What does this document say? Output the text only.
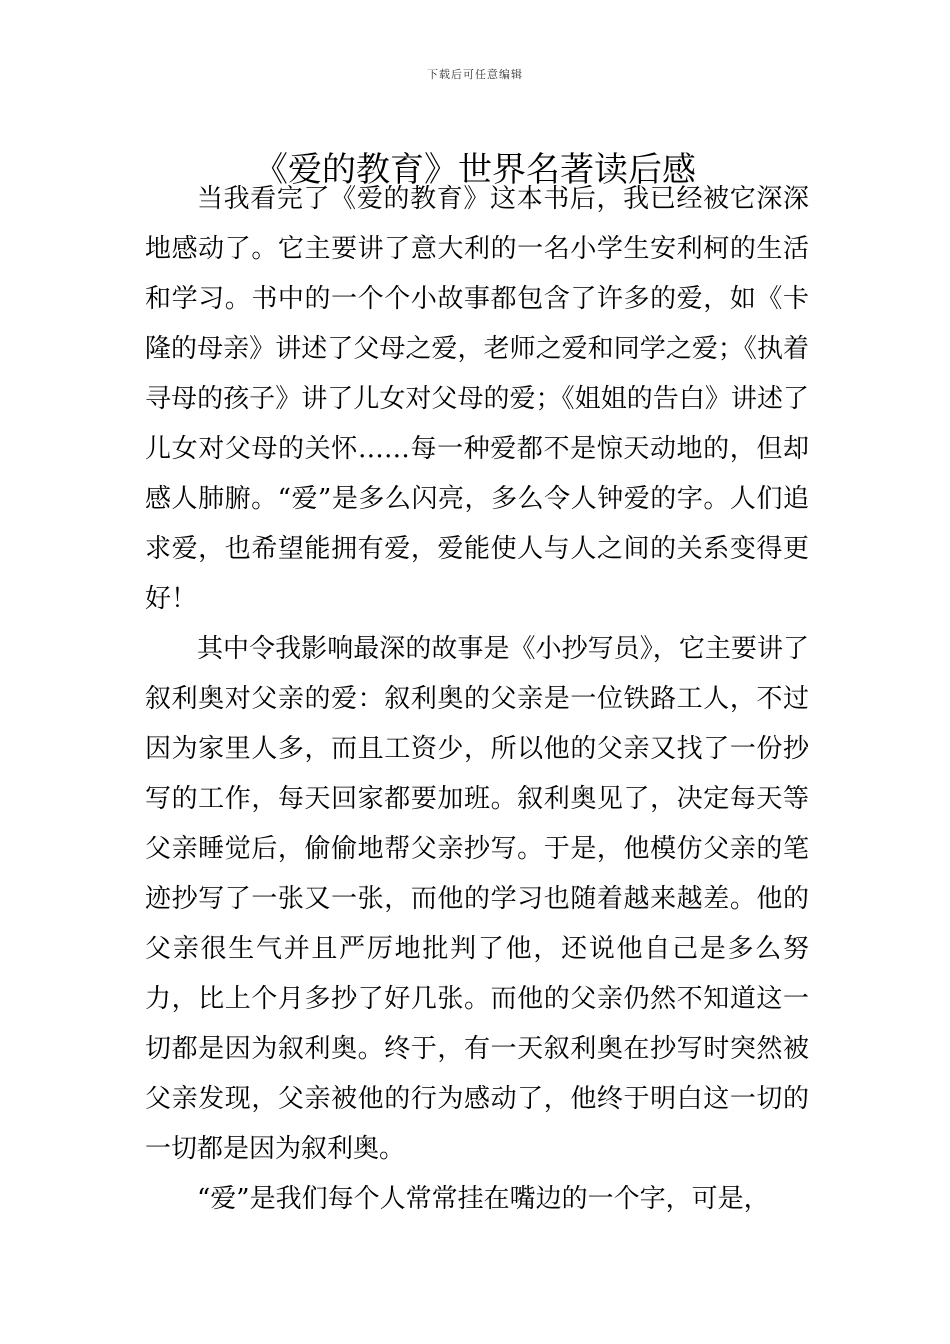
下载后可任意编辑
《爱的教育》世界名著读后感

当我看完了《爱的教育》这本书后，我已经被它深深地感动了。它主要讲了意大利的一名小学生安利柯的生活和学习。书中的一个个小故事都包含了许多的爱，如《卡隆的母亲》讲述了父母之爱，老师之爱和同学之爱；《执着寻母的孩子》讲了儿女对父母的爱；《姐姐的告白》讲述了儿女对父母的关怀……每一种爱都不是惊天动地的，但却感人肺腑。“爱”是多么闪亮，多么令人钟爱的字。人们追求爱，也希望能拥有爱，爱能使人与人之间的关系变得更好！

其中令我影响最深的故事是《小抄写员》，它主要讲了叙利奥对父亲的爱：叙利奥的父亲是一位铁路工人，不过因为家里人多，而且工资少，所以他的父亲又找了一份抄写的工作，每天回家都要加班。叙利奥见了，决定每天等父亲睡觉后，偷偷地帮父亲抄写。于是，他模仿父亲的笔迹抄写了一张又一张，而他的学习也随着越来越差。他的父亲很生气并且严厉地批判了他，还说他自己是多么努力，比上个月多抄了好几张。而他的父亲仍然不知道这一切都是因为叙利奥。终于，有一天叙利奥在抄写时突然被父亲发现，父亲被他的行为感动了，他终于明白这一切的一切都是因为叙利奥。

“爱”是我们每个人常常挂在嘴边的一个字，可是，
